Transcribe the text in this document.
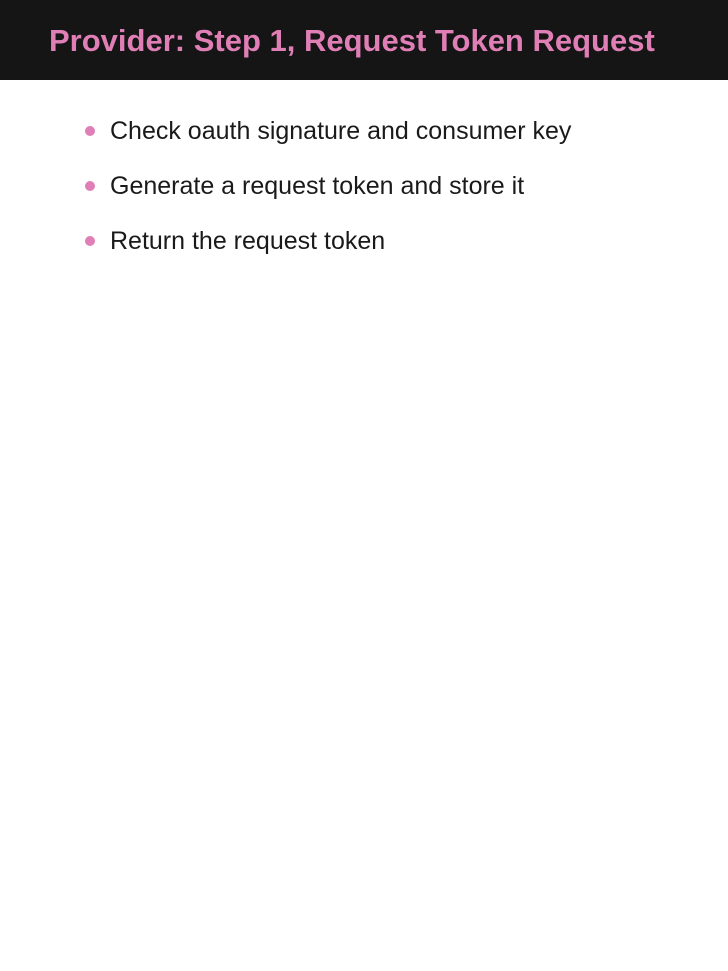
Provider: Step 1, Request Token Request
Check oauth signature and consumer key
Generate a request token and store it
Return the request token
